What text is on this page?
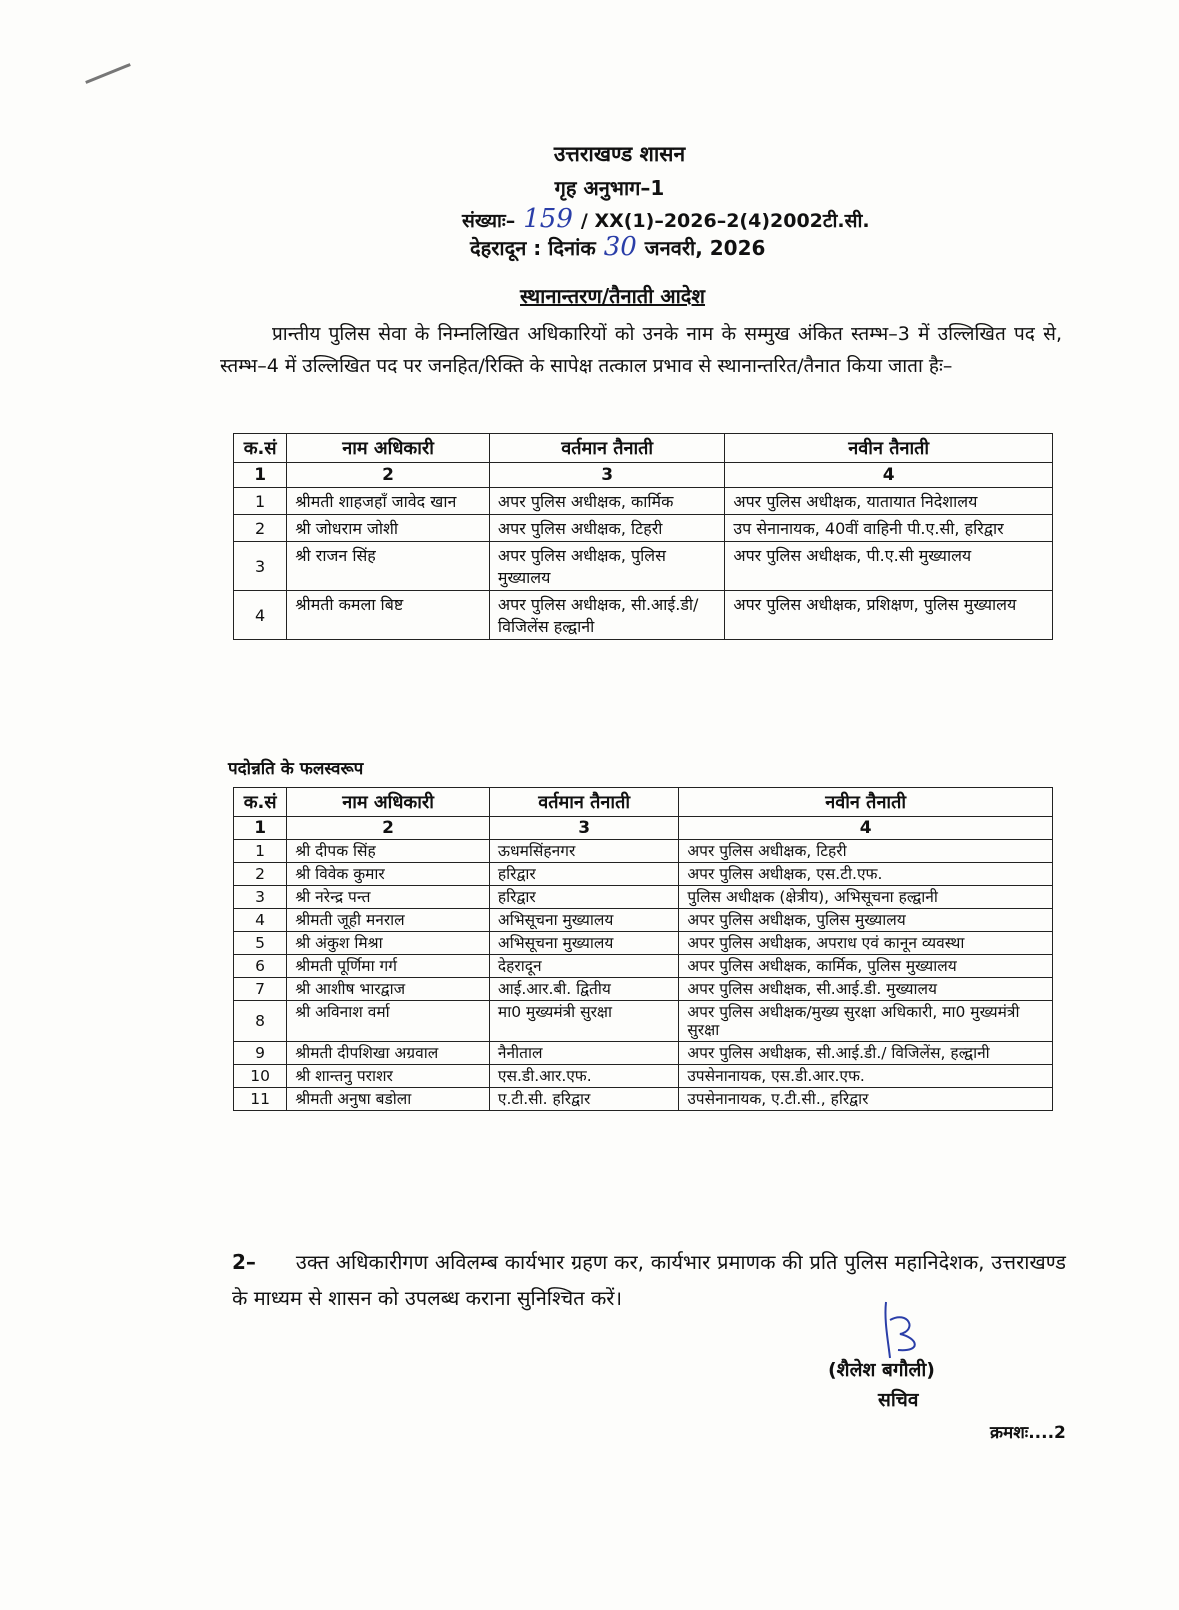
उत्तराखण्ड शासन
गृह अनुभाग–1
संख्याः– 159 / XX(1)–2026–2(4)2002टी.सी.
देहरादून : दिनांक 30 जनवरी, 2026
स्थानान्तरण/तैनाती आदेश
प्रान्तीय पुलिस सेवा के निम्नलिखित अधिकारियों को उनके नाम के सम्मुख अंकित स्तम्भ–3 में उल्लिखित पद से, स्तम्भ–4 में उल्लिखित पद पर जनहित/रिक्ति के सापेक्ष तत्काल प्रभाव से स्थानान्तरित/तैनात किया जाता हैः–
क.सं	नाम अधिकारी	वर्तमान तैनाती	नवीन तैनाती
1	2	3	4
1	श्रीमती शाहजहाँ जावेद खान	अपर पुलिस अधीक्षक, कार्मिक	अपर पुलिस अधीक्षक, यातायात निदेशालय
2	श्री जोधराम जोशी	अपर पुलिस अधीक्षक, टिहरी	उप सेनानायक, 40वीं वाहिनी पी.ए.सी, हरिद्वार
3	श्री राजन सिंह	अपर पुलिस अधीक्षक, पुलिस मुख्यालय	अपर पुलिस अधीक्षक, पी.ए.सी मुख्यालय
4	श्रीमती कमला बिष्ट	अपर पुलिस अधीक्षक, सी.आई.डी/विजिलेंस हल्द्वानी	अपर पुलिस अधीक्षक, प्रशिक्षण, पुलिस मुख्यालय
पदोन्नति के फलस्वरूप
क.सं	नाम अधिकारी	वर्तमान तैनाती	नवीन तैनाती
1	2	3	4
1	श्री दीपक सिंह	ऊधमसिंहनगर	अपर पुलिस अधीक्षक, टिहरी
2	श्री विवेक कुमार	हरिद्वार	अपर पुलिस अधीक्षक, एस.टी.एफ.
3	श्री नरेन्द्र पन्त	हरिद्वार	पुलिस अधीक्षक (क्षेत्रीय), अभिसूचना हल्द्वानी
4	श्रीमती जूही मनराल	अभिसूचना मुख्यालय	अपर पुलिस अधीक्षक, पुलिस मुख्यालय
5	श्री अंकुश मिश्रा	अभिसूचना मुख्यालय	अपर पुलिस अधीक्षक, अपराध एवं कानून व्यवस्था
6	श्रीमती पूर्णिमा गर्ग	देहरादून	अपर पुलिस अधीक्षक, कार्मिक, पुलिस मुख्यालय
7	श्री आशीष भारद्वाज	आई.आर.बी. द्वितीय	अपर पुलिस अधीक्षक, सी.आई.डी. मुख्यालय
8	श्री अविनाश वर्मा	मा0 मुख्यमंत्री सुरक्षा	अपर पुलिस अधीक्षक/मुख्य सुरक्षा अधिकारी, मा0 मुख्यमंत्री सुरक्षा
9	श्रीमती दीपशिखा अग्रवाल	नैनीताल	अपर पुलिस अधीक्षक, सी.आई.डी./ विजिलेंस, हल्द्वानी
10	श्री शान्तनु पराशर	एस.डी.आर.एफ.	उपसेनानायक, एस.डी.आर.एफ.
11	श्रीमती अनुषा बडोला	ए.टी.सी. हरिद्वार	उपसेनानायक, ए.टी.सी., हरिद्वार
2– उक्त अधिकारीगण अविलम्ब कार्यभार ग्रहण कर, कार्यभार प्रमाणक की प्रति पुलिस महानिदेशक, उत्तराखण्ड के माध्यम से शासन को उपलब्ध कराना सुनिश्चित करें।
(शैलेश बगौली)
सचिव
क्रमशः....2
